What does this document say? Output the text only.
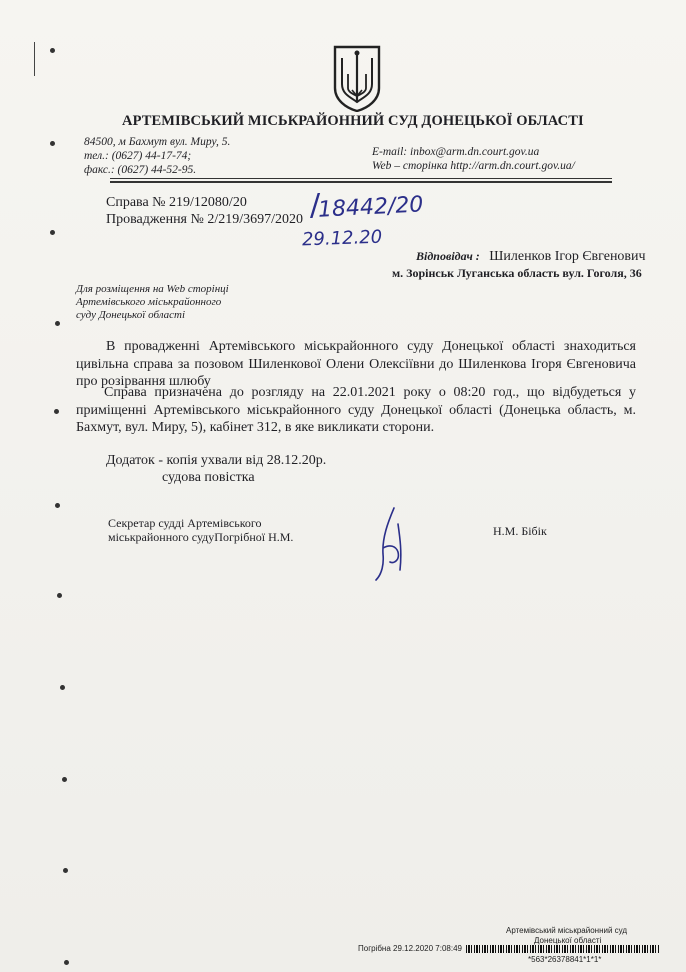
АРТЕМІВСЬКИЙ МІСЬКРАЙОННИЙ СУД ДОНЕЦЬКОЇ ОБЛАСТІ
84500, м Бахмут вул. Миру, 5.
тел.: (0627) 44-17-74;
факс.: (0627) 44-52-95.
E-mail: inbox@arm.dn.court.gov.ua
Web – сторінка http://arm.dn.court.gov.ua/
Справа № 219/12080/20
Провадження № 2/219/3697/2020 18442/20
29.12.20
/
Відповідач : Шиленков Ігор Євгенович
м. Зорінськ Луганська область вул. Гоголя, 36
Для розміщення на Web сторінці
Артемівського міськрайонного
суду Донецької області
В провадженні Артемівського міськрайонного суду Донецької області знаходиться цивільна справа за позовом Шиленкової Олени Олексіївни до Шиленкова Ігоря Євгеновича про розірвання шлюбу
Справа призначена до розгляду на 22.01.2021 року о 08:20 год., що відбудеться у приміщенні Артемівського міськрайонного суду Донецької області (Донецька область, м. Бахмут, вул. Миру, 5), кабінет 312, в яке викликати сторони.
Додаток - копія ухвали від 28.12.20р.
судова повістка
Секретар судді Артемівського
міськрайонного судуПогрібної Н.М.	Н.М. Бібік
Артемівський міськрайонний суд
Донецької області
Погрібна 29.12.2020 7:08:49
*563*26378841*1*1*
